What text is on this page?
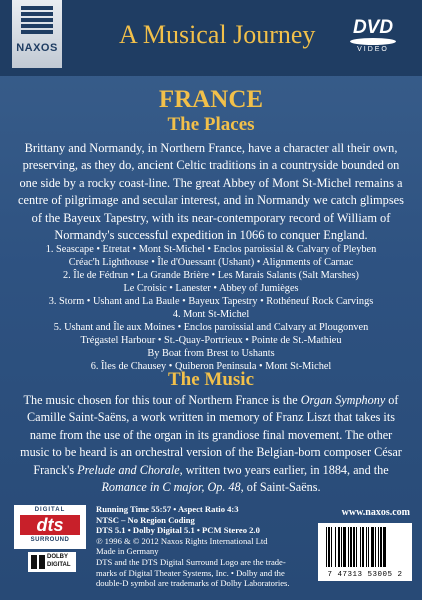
NAXOS A Musical Journey DVD
VIDEO
FRANCE
The Places
Brittany and Normandy, in Northern France, have a character all their own, preserving, as they do, ancient Celtic traditions in a countryside bounded on one side by a rocky coast-line. The great Abbey of Mont St-Michel remains a centre of pilgrimage and secular interest, and in Normandy we catch glimpses of the Bayeux Tapestry, with its near-contemporary record of William of Normandy's successful expedition in 1066 to conquer England.
1. Seascape • Etretat • Mont St-Michel • Enclos paroissial & Calvary of Pleyben
Créac'h Lighthouse • Île d'Ouessant (Ushant) • Alignments of Carnac
2. Île de Fédrun • La Grande Brière • Les Marais Salants (Salt Marshes)
Le Croisic • Lanester • Abbey of Jumièges
3. Storm • Ushant and La Baule • Bayeux Tapestry • Rothéneuf Rock Carvings
4. Mont St-Michel
5. Ushant and Île aux Moines • Enclos paroissial and Calvary at Plougonven
Trégastel Harbour • St.-Quay-Portrieux • Pointe de St.-Mathieu
By Boat from Brest to Ushants
6. Îles de Chausey • Quiberon Peninsula • Mont St-Michel
The Music
The music chosen for this tour of Northern France is the Organ Symphony of Camille Saint-Saëns, a work written in memory of Franz Liszt that takes its name from the use of the organ in its grandiose final movement. The other music to be heard is an orchestral version of the Belgian-born composer César Franck's Prelude and Chorale, written two years earlier, in 1884, and the Romance in C major, Op. 48, of Saint-Saëns.
DIGITAL
dts
SURROUND
DOLBY
DIGITAL
Running Time 55:57 • Aspect Ratio 4:3
NTSC – No Region Coding
DTS 5.1 • Dolby Digital 5.1 • PCM Stereo 2.0
℗ 1996 & © 2012 Naxos Rights International Ltd
Made in Germany
DTS and the DTS Digital Surround Logo are the trade-
marks of Digital Theater Systems, Inc. • Dolby and the
double-D symbol are trademarks of Dolby Laboratories.
www.naxos.com
7 47313 53005 2
